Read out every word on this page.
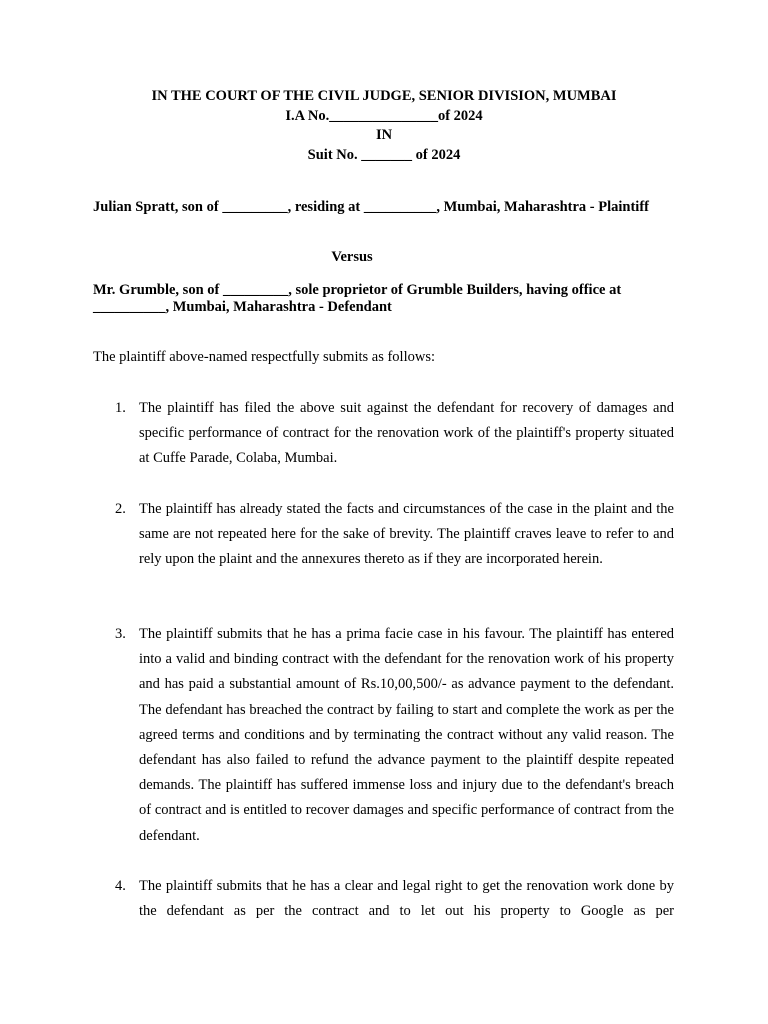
IN THE COURT OF THE CIVIL JUDGE, SENIOR DIVISION, MUMBAI
I.A No._______________of 2024
IN
Suit No. _______ of 2024
Julian Spratt, son of _________, residing at __________, Mumbai, Maharashtra - Plaintiff
Versus
Mr. Grumble, son of _________, sole proprietor of Grumble Builders, having office at __________, Mumbai, Maharashtra - Defendant
The plaintiff above-named respectfully submits as follows:
1. The plaintiff has filed the above suit against the defendant for recovery of damages and specific performance of contract for the renovation work of the plaintiff's property situated at Cuffe Parade, Colaba, Mumbai.
2. The plaintiff has already stated the facts and circumstances of the case in the plaint and the same are not repeated here for the sake of brevity. The plaintiff craves leave to refer to and rely upon the plaint and the annexures thereto as if they are incorporated herein.
3. The plaintiff submits that he has a prima facie case in his favour. The plaintiff has entered into a valid and binding contract with the defendant for the renovation work of his property and has paid a substantial amount of Rs.10,00,500/- as advance payment to the defendant. The defendant has breached the contract by failing to start and complete the work as per the agreed terms and conditions and by terminating the contract without any valid reason. The defendant has also failed to refund the advance payment to the plaintiff despite repeated demands. The plaintiff has suffered immense loss and injury due to the defendant's breach of contract and is entitled to recover damages and specific performance of contract from the defendant.
4. The plaintiff submits that he has a clear and legal right to get the renovation work done by the defendant as per the contract and to let out his property to Google as per
